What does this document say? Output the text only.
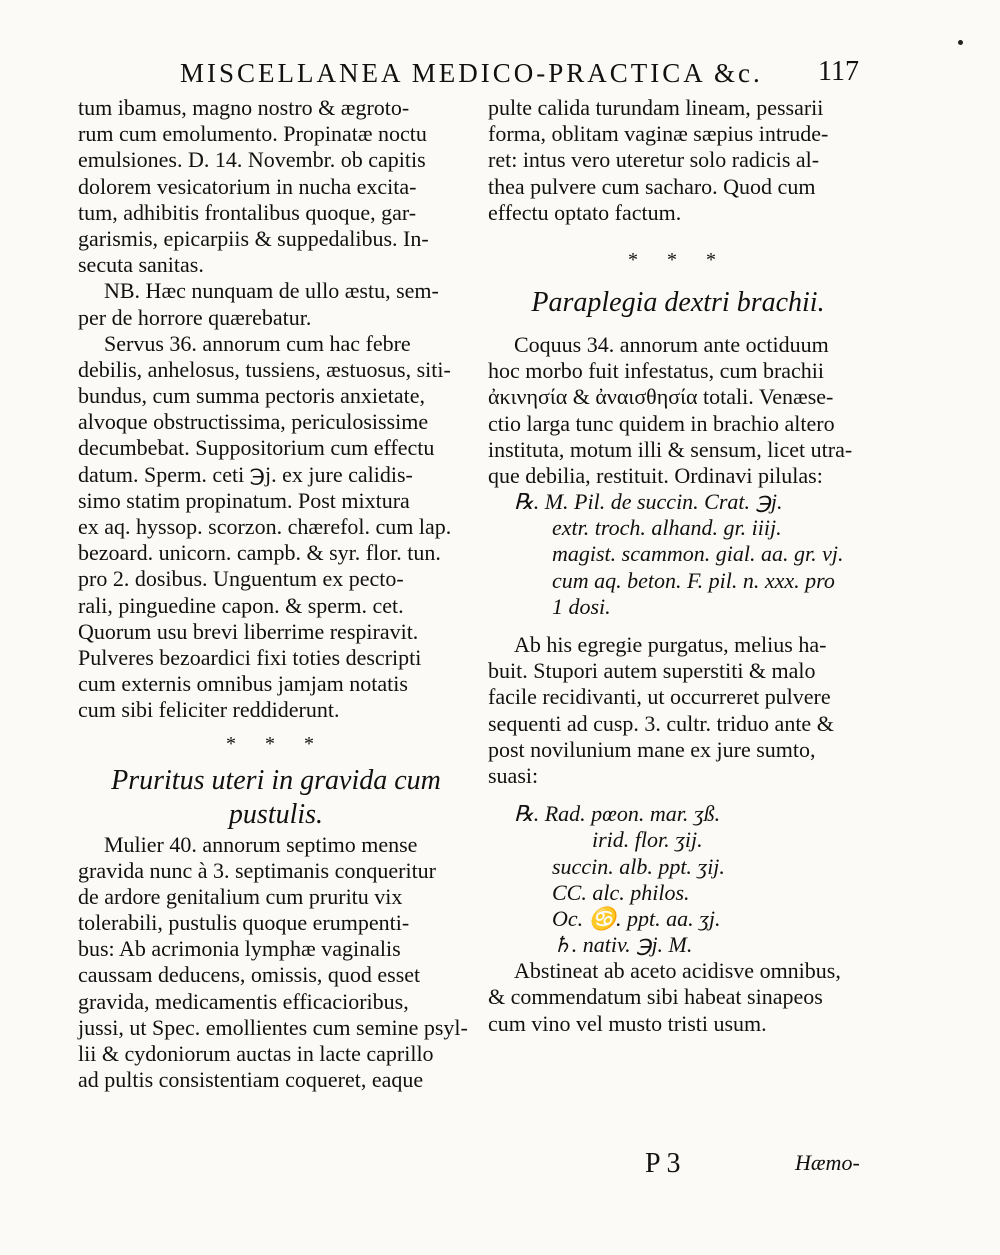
MISCELLANEA MEDICO-PRACTICA &c.	117
tum ibamus, magno nostro & ægroto-
rum cum emolumento. Propinatæ noctu
emulsiones. D. 14. Novembr. ob capitis
dolorem vesicatorium in nucha excita-
tum, adhibitis frontalibus quoque, gar-
garismis, epicarpiis & suppedalibus. In-
secuta sanitas.
NB. Hæc nunquam de ullo æstu, sem-
per de horrore quærebatur.
Servus 36. annorum cum hac febre
debilis, anhelosus, tussiens, æstuosus, siti-
bundus, cum summa pectoris anxietate,
alvoque obstructissima, periculosissime
decumbebat. Suppositorium cum effectu
datum. Sperm. ceti ℈j. ex jure calidis-
simo statim propinatum. Post mixtura
ex aq. hyssop. scorzon. chærefol. cum lap.
bezoard. unicorn. campb. & syr. flor. tun.
pro 2. dosibus. Unguentum ex pecto-
rali, pinguedine capon. & sperm. cet.
Quorum usu brevi liberrime respiravit.
Pulveres bezoardici fixi toties descripti
cum externis omnibus jamjam notatis
cum sibi feliciter reddiderunt.
* * *
Pruritus uteri in gravida cum
pustulis.
Mulier 40. annorum septimo mense
gravida nunc à 3. septimanis conqueritur
de ardore genitalium cum pruritu vix
tolerabili, pustulis quoque erumpenti-
bus: Ab acrimonia lymphæ vaginalis
caussam deducens, omissis, quod esset
gravida, medicamentis efficacioribus,
jussi, ut Spec. emollientes cum semine psyl-
lii & cydoniorum auctas in lacte caprillo
ad pultis consistentiam coqueret, eaque
pulte calida turundam lineam, pessarii
forma, oblitam vaginæ sæpius intrude-
ret: intus vero uteretur solo radicis al-
thea pulvere cum sacharo. Quod cum
effectu optato factum.
* * *
Paraplegia dextri brachii.
Coquus 34. annorum ante octiduum
hoc morbo fuit infestatus, cum brachii
ἀκινησία & ἀναισθησία totali. Venæse-
ctio larga tunc quidem in brachio altero
instituta, motum illi & sensum, licet utra-
que debilia, restituit. Ordinavi pilulas:
℞. M. Pil. de succin. Crat. ℈j.
extr. troch. alhand. gr. iiij.
magist. scammon. gial. aa. gr. vj.
cum aq. beton. F. pil. n. xxx. pro
1 dosi.
Ab his egregie purgatus, melius ha-
buit. Stupori autem superstiti & malo
facile recidivanti, ut occurreret pulvere
sequenti ad cusp. 3. cultr. triduo ante &
post novilunium mane ex jure sumto,
suasi:
℞. Rad. pœon. mar. ʒß.
irid. flor. ʒij.
succin. alb. ppt. ʒij.
CC. alc. philos.
Oc. ♋. ppt. aa. ʒj.
♄. nativ. ℈j. M.
Abstineat ab aceto acidisve omnibus,
& commendatum sibi habeat sinapeos
cum vino vel musto tristi usum.
P 3	Hæmo-
